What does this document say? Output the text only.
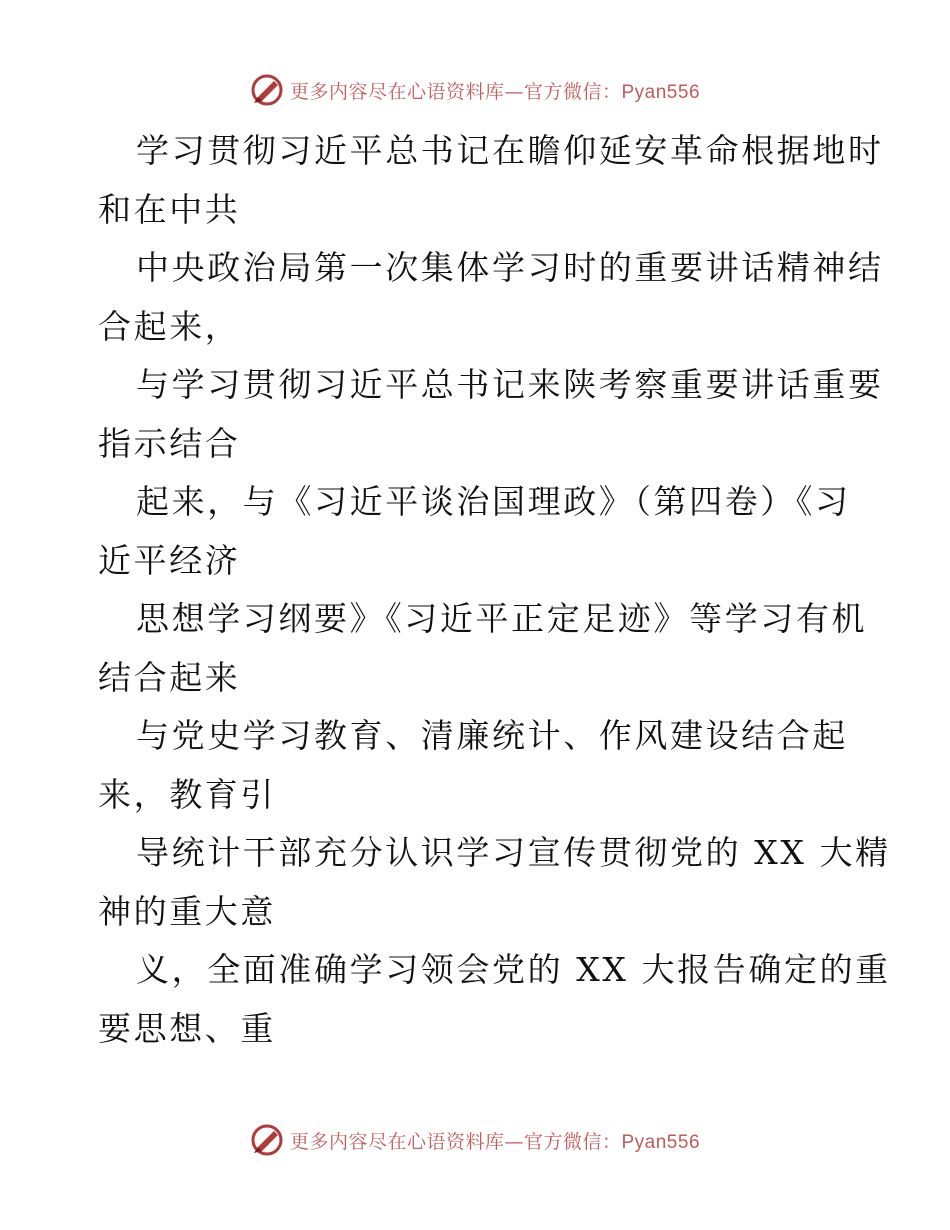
更多内容尽在心语资料库—官方微信：Pyan556
学习贯彻习近平总书记在瞻仰延安革命根据地时
和在中共
中央政治局第一次集体学习时的重要讲话精神结
合起来，
与学习贯彻习近平总书记来陕考察重要讲话重要
指示结合
起来，与《习近平谈治国理政》（第四卷）《习
近平经济
思想学习纲要》《习近平正定足迹》等学习有机
结合起来
与党史学习教育、清廉统计、作风建设结合起
来，教育引
导统计干部充分认识学习宣传贯彻党的 XX 大精
神的重大意
义，全面准确学习领会党的 XX 大报告确定的重
要思想、重
更多内容尽在心语资料库—官方微信：Pyan556
